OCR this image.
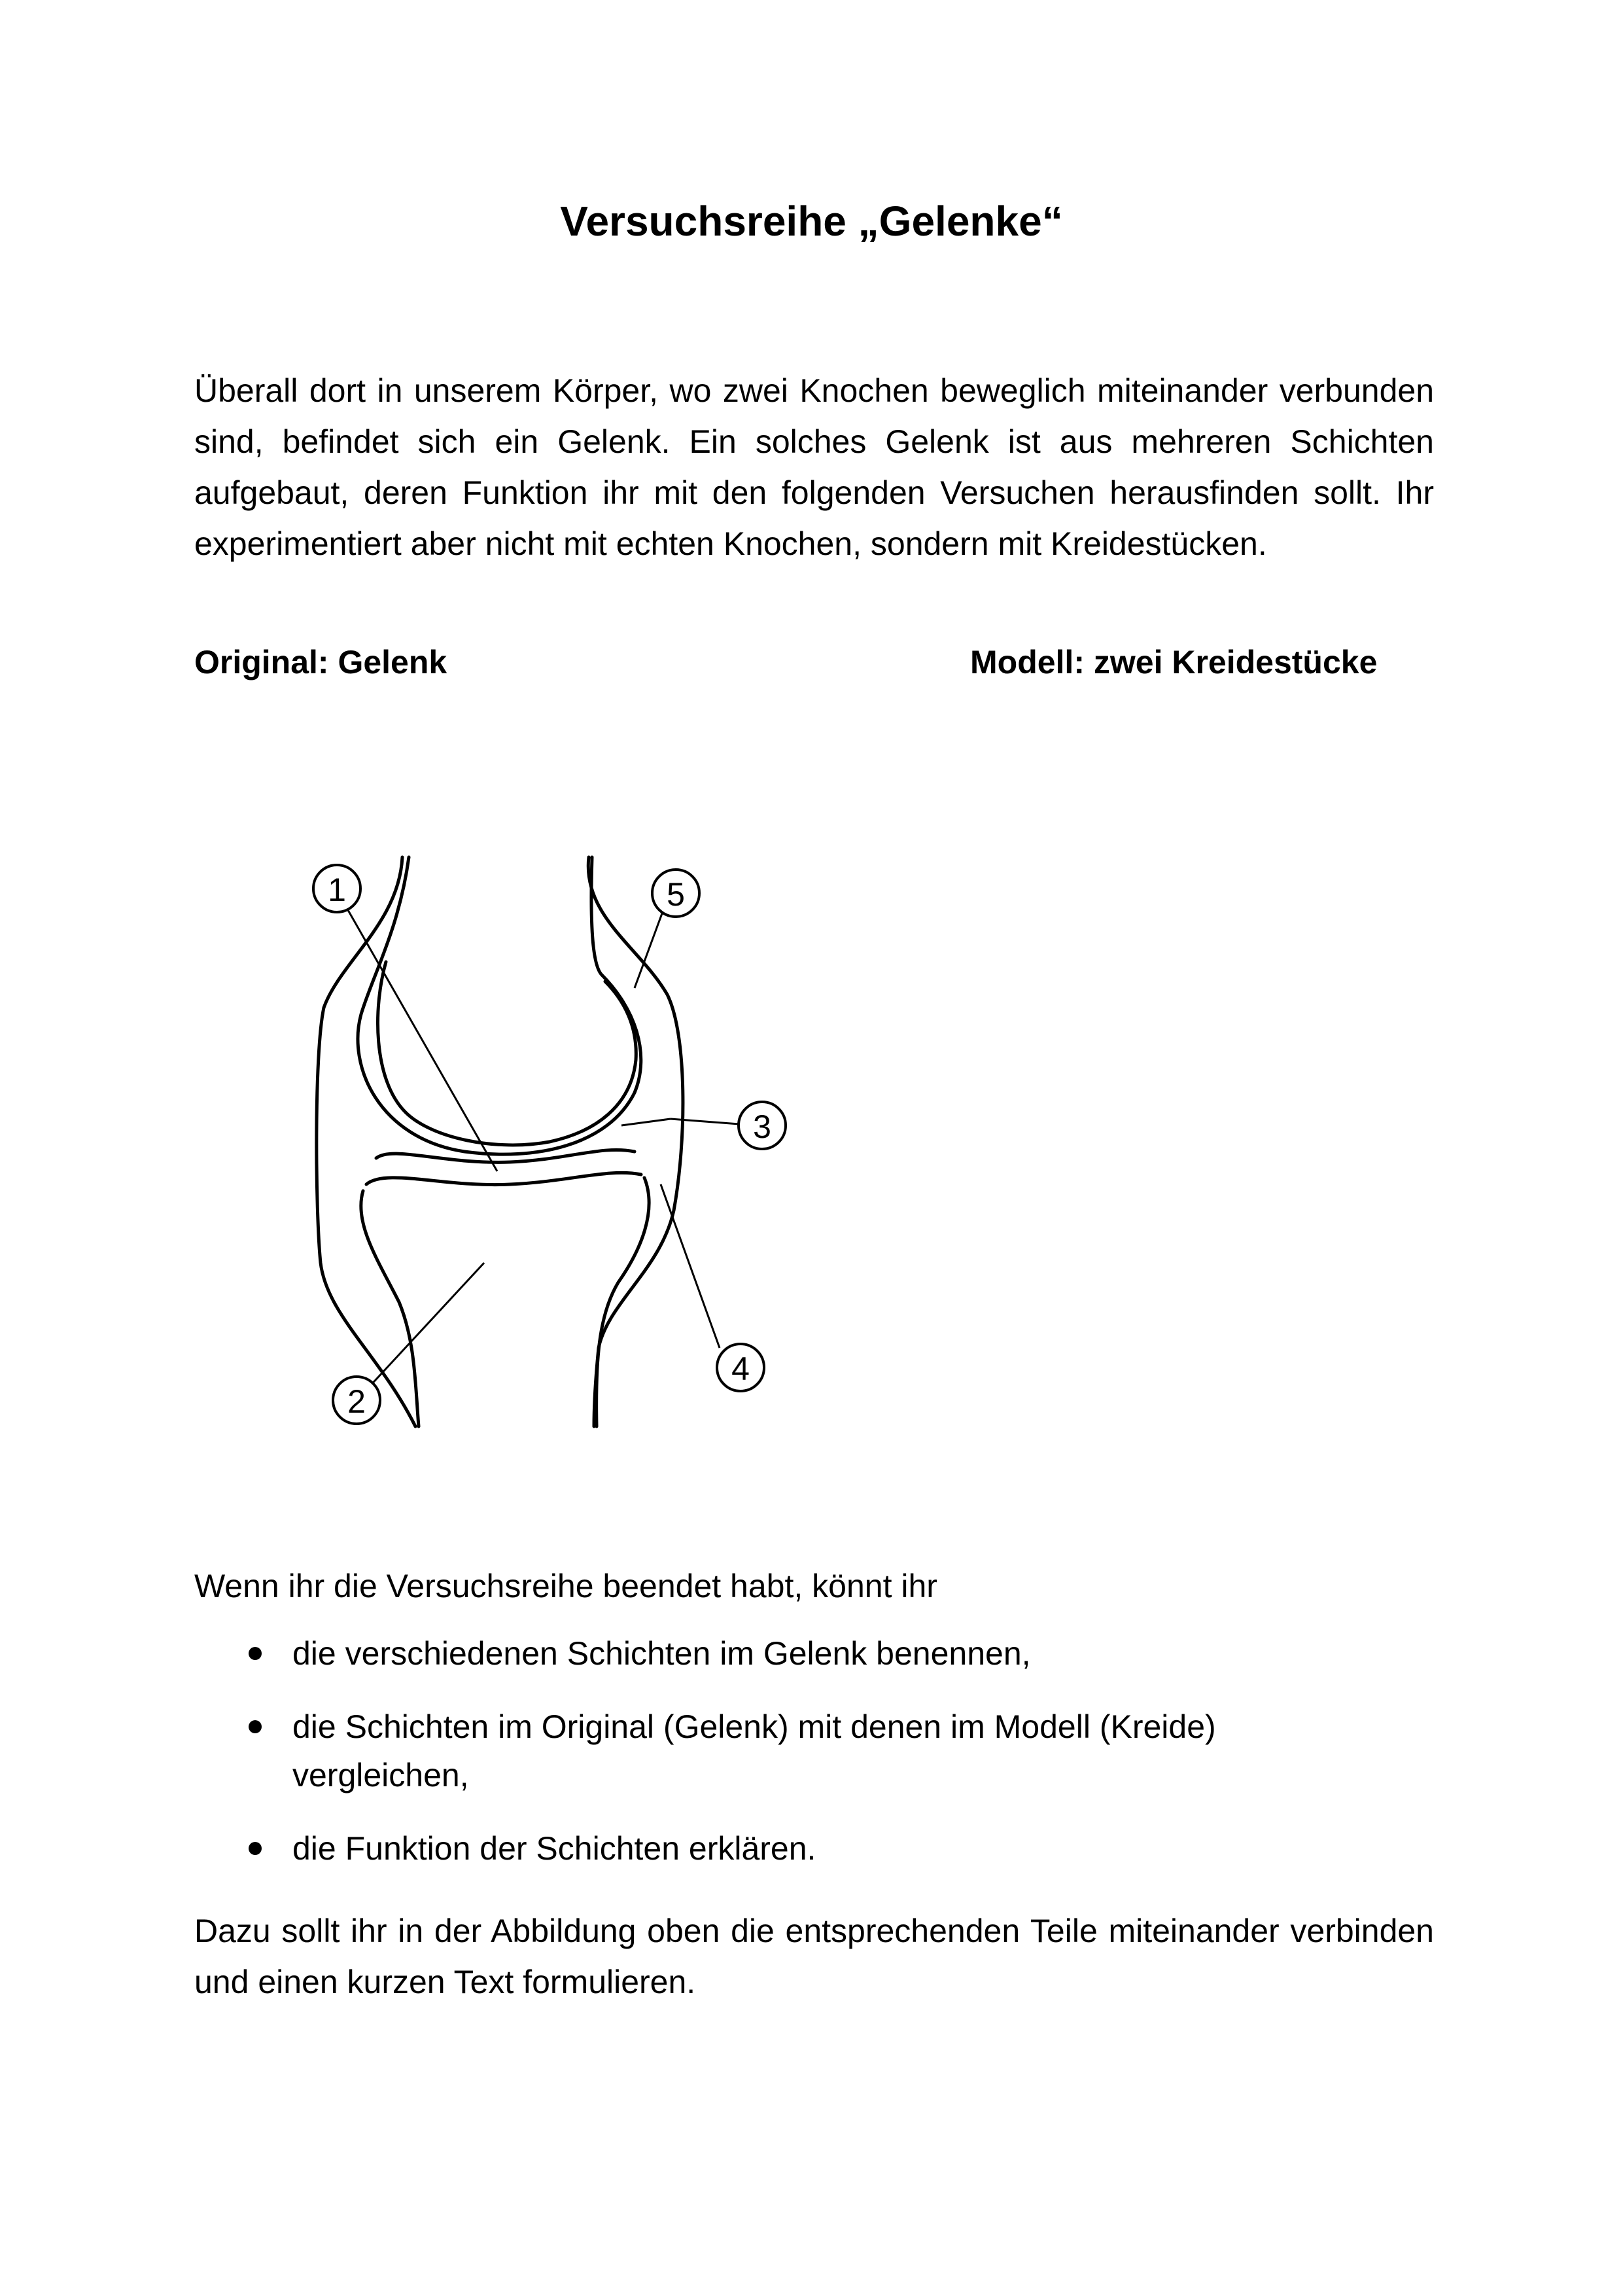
Versuchsreihe „Gelenke“

Überall dort in unserem Körper, wo zwei Knochen beweglich miteinander verbunden sind, befindet sich ein Gelenk. Ein solches Gelenk ist aus mehreren Schichten aufgebaut, deren Funktion ihr mit den folgenden Versuchen herausfinden sollt. Ihr experimentiert aber nicht mit echten Knochen, sondern mit Kreidestücken.

Original: Gelenk	Modell: zwei Kreidestücke

1	5
3
4
2

Wenn ihr die Versuchsreihe beendet habt, könnt ihr

die verschiedenen Schichten im Gelenk benennen,
die Schichten im Original (Gelenk) mit denen im Modell (Kreide) vergleichen,
die Funktion der Schichten erklären.

Dazu sollt ihr in der Abbildung oben die entsprechenden Teile miteinander verbinden und einen kurzen Text formulieren.
